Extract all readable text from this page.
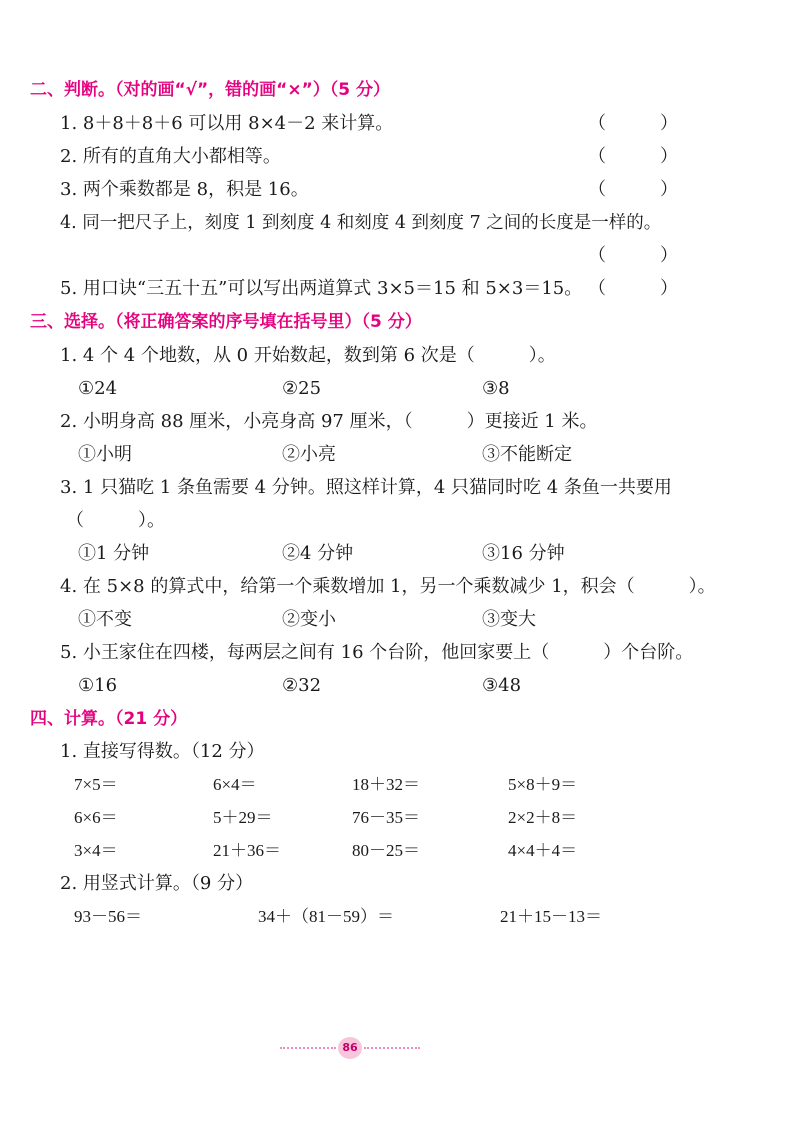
二、判断。（对的画“√”，错的画“×”）（5 分）
1. 8＋8＋8＋6 可以用 8×4－2 来计算。	（　　　）
2. 所有的直角大小都相等。	（　　　）
3. 两个乘数都是 8，积是 16。	（　　　）
4. 同一把尺子上，刻度 1 到刻度 4 和刻度 4 到刻度 7 之间的长度是一样的。
（　　　）
5. 用口诀“三五十五”可以写出两道算式 3×5＝15 和 5×3＝15。 （　　　）
三、选择。（将正确答案的序号填在括号里）（5 分）
1. 4 个 4 个地数，从 0 开始数起，数到第 6 次是（　　　）。
①24	②25	③8
2. 小明身高 88 厘米，小亮身高 97 厘米，（　　　）更接近 1 米。
①小明	②小亮	③不能断定
3. 1 只猫吃 1 条鱼需要 4 分钟。照这样计算，4 只猫同时吃 4 条鱼一共要用
（　　　）。
①1 分钟	②4 分钟	③16 分钟
4. 在 5×8 的算式中，给第一个乘数增加 1，另一个乘数减少 1，积会（　　　）。
①不变	②变小	③变大
5. 小王家住在四楼，每两层之间有 16 个台阶，他回家要上（　　　）个台阶。
①16	②32	③48
四、计算。（21 分）
1. 直接写得数。（12 分）
7×5＝	6×4＝	18＋32＝	5×8＋9＝
6×6＝	5＋29＝	76－35＝	2×2＋8＝
3×4＝	21＋36＝	80－25＝	4×4＋4＝
2. 用竖式计算。（9 分）
93－56＝	34＋（81－59）＝	21＋15－13＝
86
